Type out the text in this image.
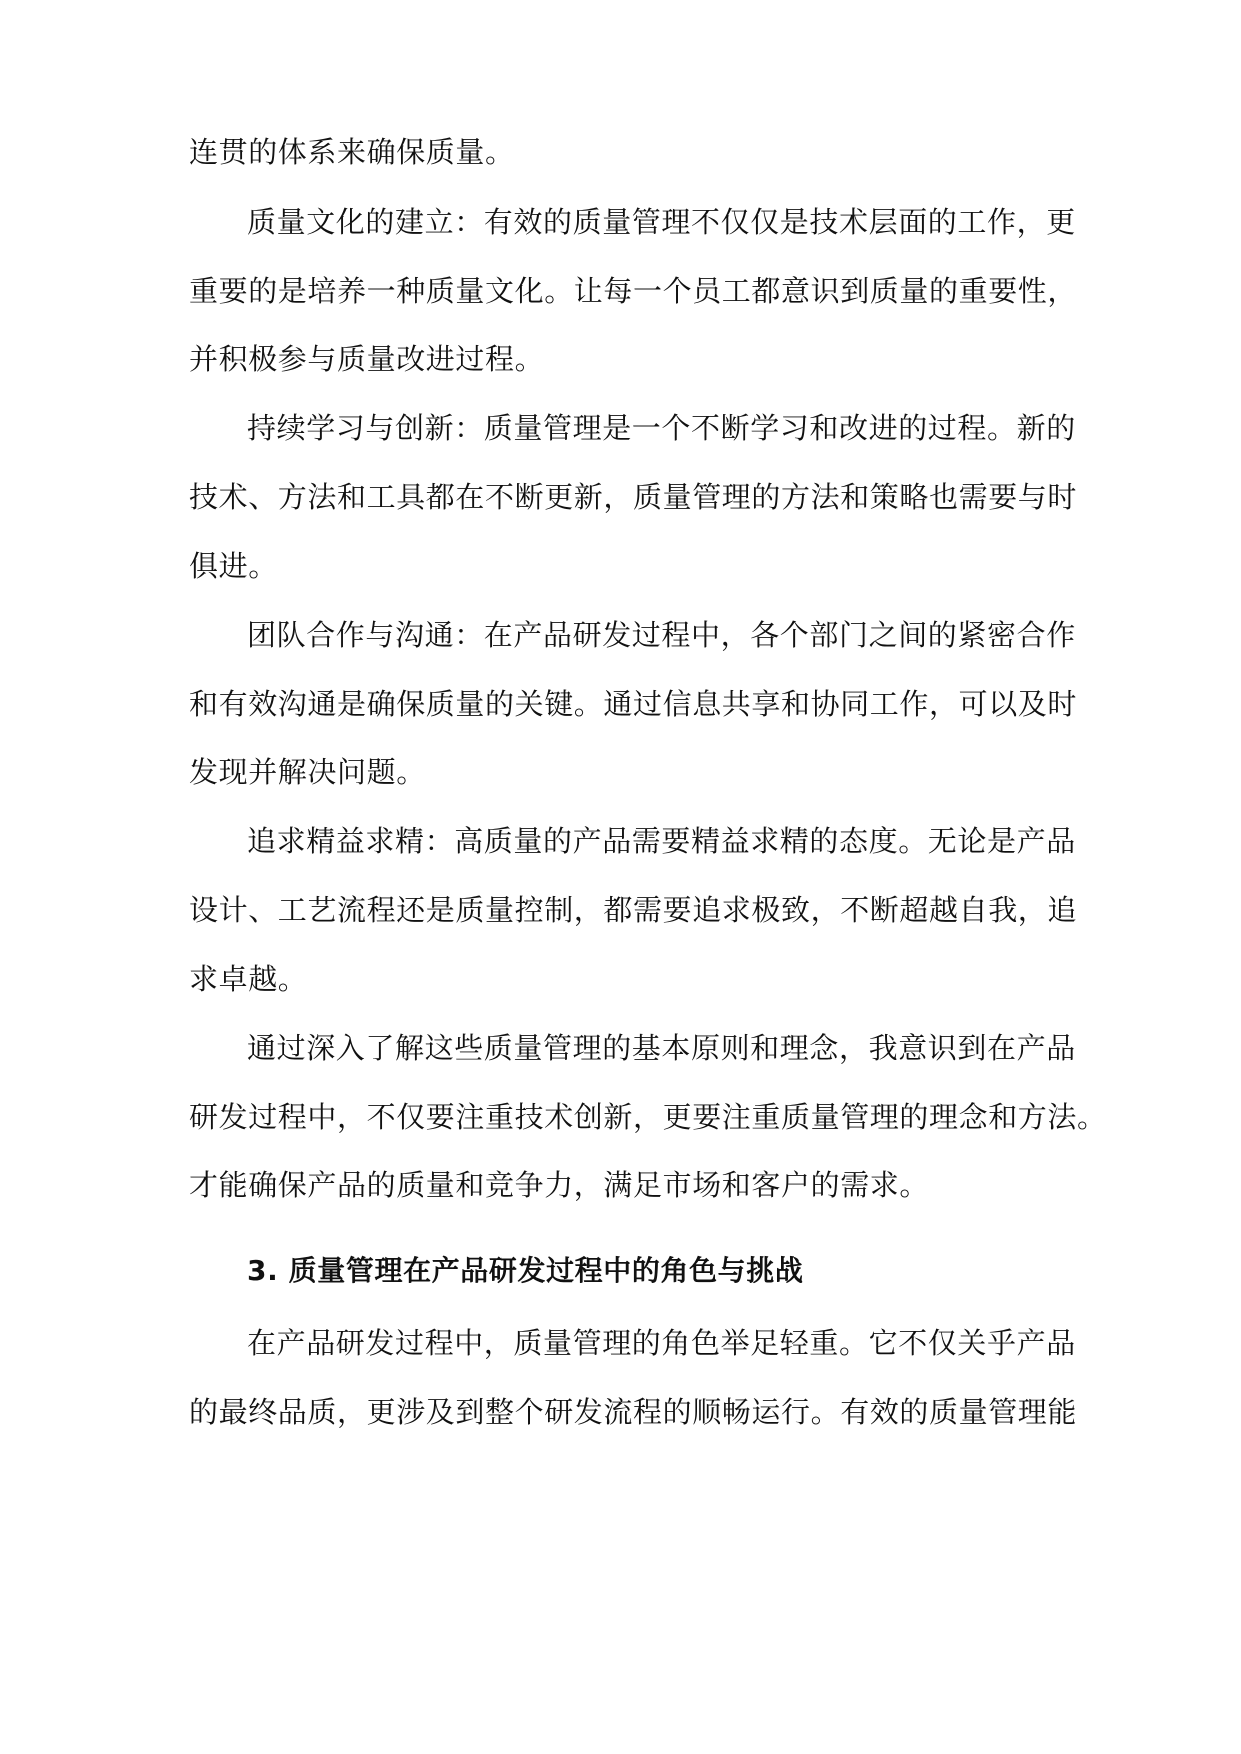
连贯的体系来确保质量。
质量文化的建立：有效的质量管理不仅仅是技术层面的工作，更
重要的是培养一种质量文化。让每一个员工都意识到质量的重要性，
并积极参与质量改进过程。
持续学习与创新：质量管理是一个不断学习和改进的过程。新的
技术、方法和工具都在不断更新，质量管理的方法和策略也需要与时
俱进。
团队合作与沟通：在产品研发过程中，各个部门之间的紧密合作
和有效沟通是确保质量的关键。通过信息共享和协同工作，可以及时
发现并解决问题。
追求精益求精：高质量的产品需要精益求精的态度。无论是产品
设计、工艺流程还是质量控制，都需要追求极致，不断超越自我，追
求卓越。
通过深入了解这些质量管理的基本原则和理念，我意识到在产品
研发过程中，不仅要注重技术创新，更要注重质量管理的理念和方法。
才能确保产品的质量和竞争力，满足市场和客户的需求。
3. 质量管理在产品研发过程中的角色与挑战
在产品研发过程中，质量管理的角色举足轻重。它不仅关乎产品
的最终品质，更涉及到整个研发流程的顺畅运行。有效的质量管理能
